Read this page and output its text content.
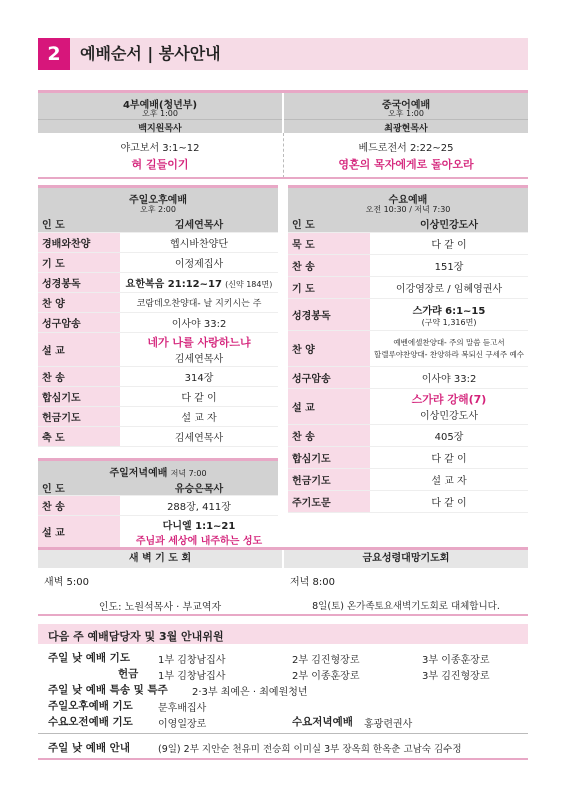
2	예배순서 | 봉사안내
4부예배(청년부)
오후 1:00
백지원목사
중국어예배
오후 1:00
최광현목사
야고보서 3:1~12
혀 길들이기
베드로전서 2:22~25
영혼의 목자에게로 돌아오라
주일오후예배
오후 2:00
인 도	김세연목사
경배와찬양	헵시바찬양단
기 도	이정제집사
성경봉독	요한복음 21:12~17 (신약 184면)
찬 양	코람데오찬양대- 날 지키시는 주
성구암송	이사야 33:2
설 교
네가 나를 사랑하느냐
김세연목사
찬 송	314장
합심기도	다 같 이
헌금기도	설 교 자
축 도	김세연목사
주일저녁예배 저녁 7:00
인 도	유승은목사
찬 송	288장, 411장
설 교
다니엘 1:1~21
주님과 세상에 내주하는 성도
수요예배
오전 10:30 / 저녁 7:30
인 도	이상민강도사
묵 도	다 같 이
찬 송	151장
기 도	이강영장로 / 임혜영권사
성경봉독	스가랴 6:1~15
(구약 1,316면)
찬 양
예벤에셀찬양대- 주의 말씀 듣고서
할렐루야찬양대- 찬양하라 복되신 구세주 예수
성구암송	이사야 33:2
설 교
스가랴 강해(7)
이상민강도사
찬 송	405장
합심기도	다 같 이
헌금기도	설 교 자
주기도문	다 같 이
새 벽 기 도 회	금요성령대망기도회
새벽 5:00
인도: 노원석목사 · 부교역자
저녁 8:00
8일(토) 온가족토요새벽기도회로 대체합니다.
다음 주 예배담당자 및 3월 안내위원
주일 낮 예배 기도	1부 김창남집사	2부 김진형장로	3부 이종훈장로
헌금 1부 김창남집사	2부 이종훈장로	3부 김진형장로
주일 낮 예배 특송 및 특주 2·3부 최예은 · 최예원청년
주일오후예배 기도	문후배집사
수요오전예배 기도	이영일장로	수요저녁예배 홍광련권사
주일 낮 예배 안내	(9일) 2부 지안순 천유미 전승희 이미실 3부 장옥희 한옥춘 고남숙 김수정
